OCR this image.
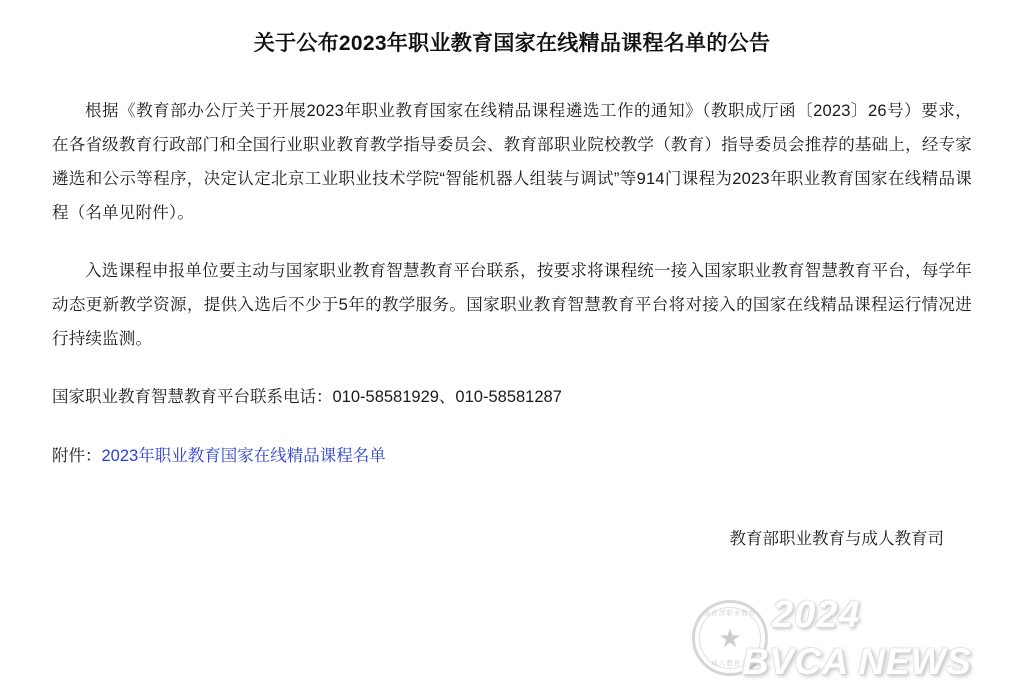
关于公布2023年职业教育国家在线精品课程名单的公告

根据《教育部办公厅关于开展2023年职业教育国家在线精品课程遴选工作的通知》（教职成厅函〔2023〕26号）要求，在各省级教育行政部门和全国行业职业教育教学指导委员会、教育部职业院校教学（教育）指导委员会推荐的基础上，经专家遴选和公示等程序，决定认定北京工业职业技术学院“智能机器人组装与调试”等914门课程为2023年职业教育国家在线精品课程（名单见附件）。

入选课程申报单位要主动与国家职业教育智慧教育平台联系，按要求将课程统一接入国家职业教育智慧教育平台，每学年动态更新教学资源，提供入选后不少于5年的教学服务。国家职业教育智慧教育平台将对接入的国家在线精品课程运行情况进行持续监测。

国家职业教育智慧教育平台联系电话：010-58581929、010-58581287

附件：2023年职业教育国家在线精品课程名单

教育部职业教育与成人教育司
教育部职业教育
★
成人教育司
2024
BVCA NEWS
